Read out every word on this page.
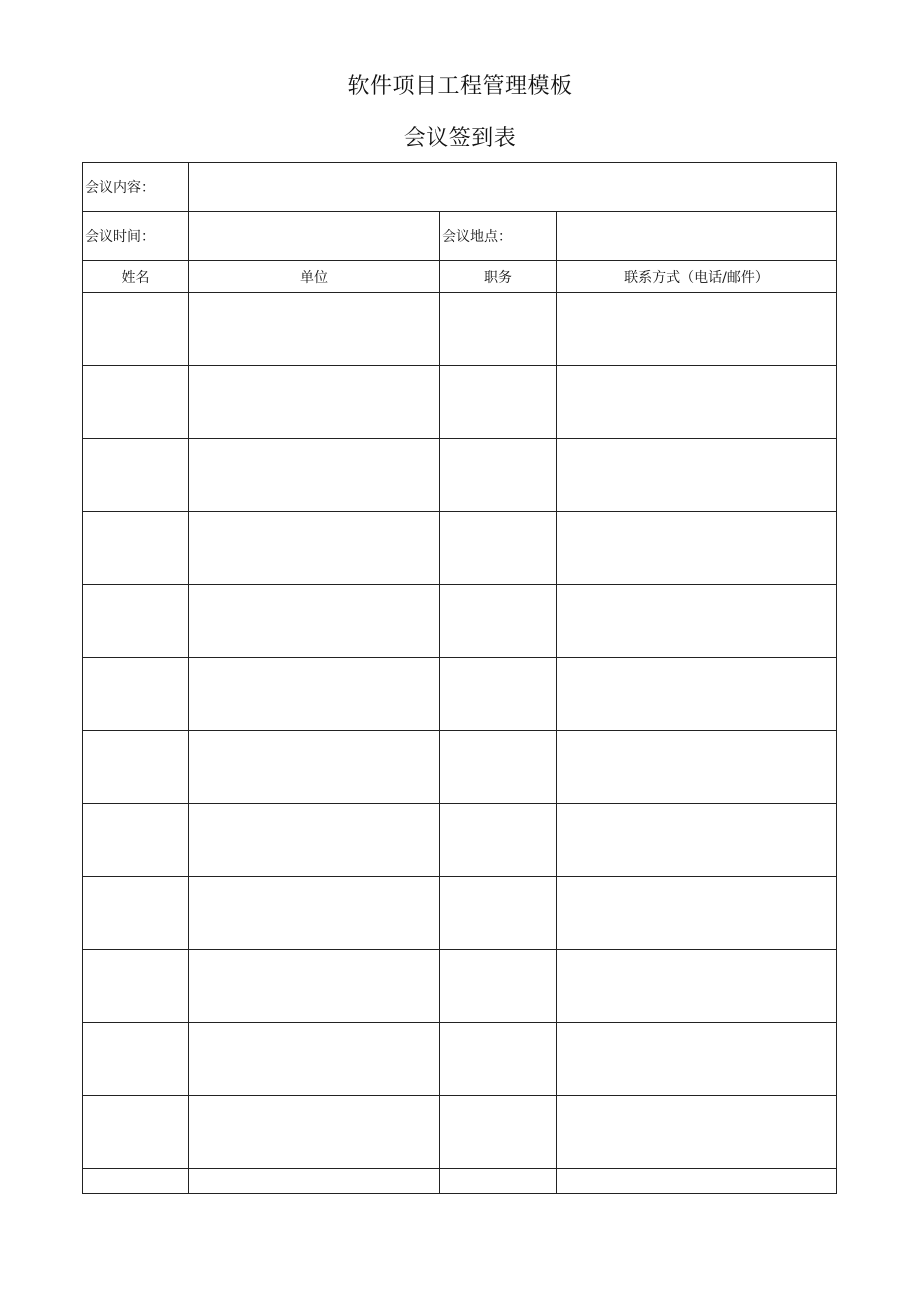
软件项目工程管理模板
会议签到表
会议内容：			
会议时间：		会议地点：	
姓名	单位	职务	联系方式（电话/邮件）
